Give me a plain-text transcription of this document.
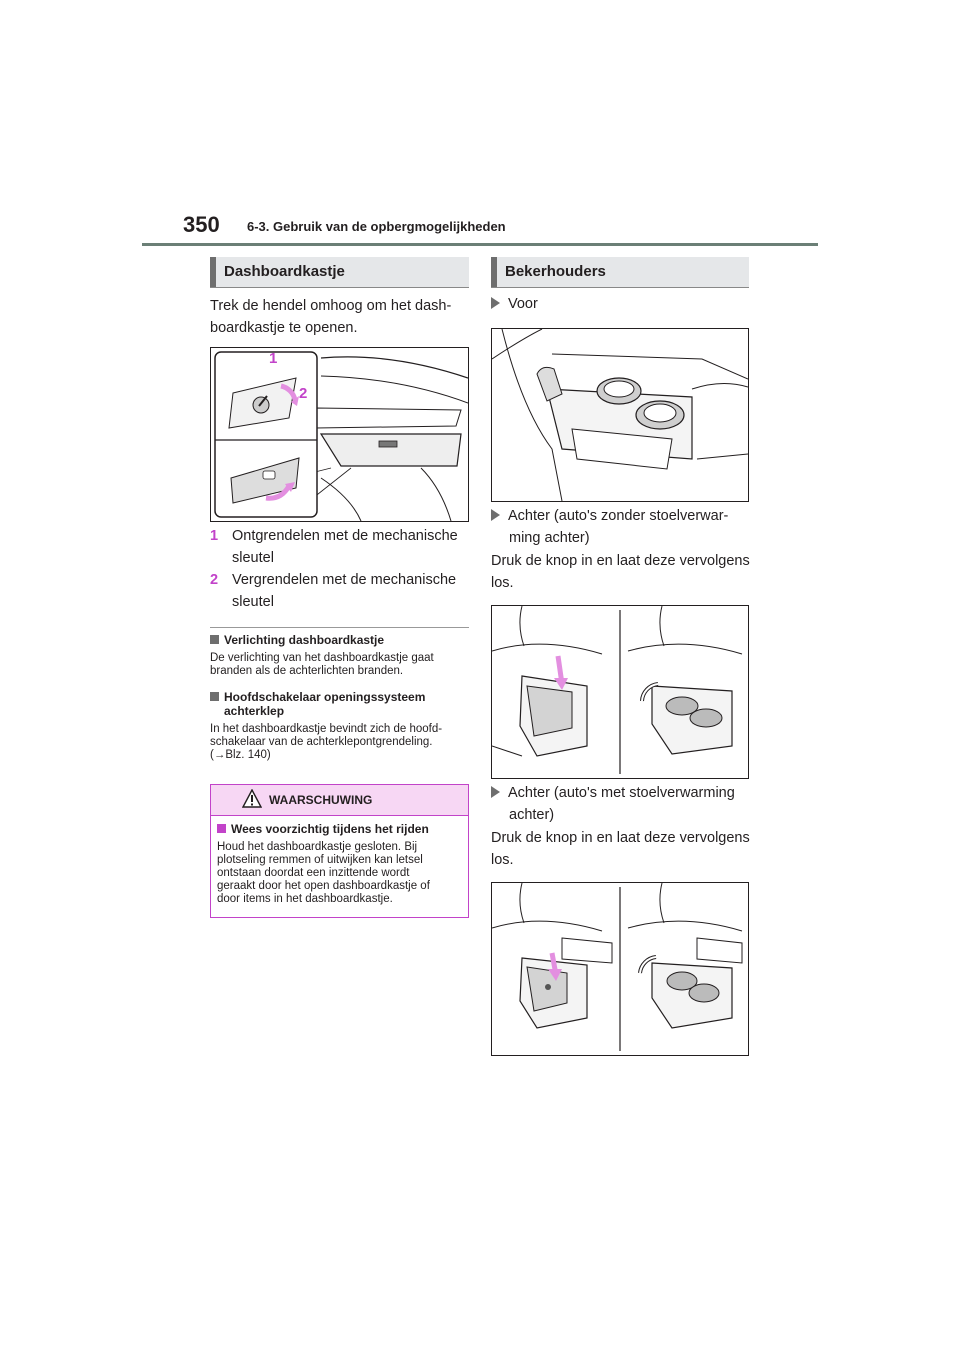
350 6-3. Gebruik van de opbergmogelijkheden
Dashboardkastje
Trek de hendel omhoog om het dash-
boardkastje te openen.
1
2
1 Ontgrendelen met de mechanische
sleutel
2 Vergrendelen met de mechanische
sleutel
Verlichting dashboardkastje
De verlichting van het dashboardkastje gaat
branden als de achterlichten branden.
Hoofdschakelaar openingssysteem
achterklep
In het dashboardkastje bevindt zich de hoofd-
schakelaar van de achterklepontgrendeling.
(→Blz. 140)
WAARSCHUWING
Wees voorzichtig tijdens het rijden
Houd het dashboardkastje gesloten. Bij
plotseling remmen of uitwijken kan letsel
ontstaan doordat een inzittende wordt
geraakt door het open dashboardkastje of
door items in het dashboardkastje.
Bekerhouders
Voor
Achter (auto's zonder stoelverwar-
ming achter)
Druk de knop in en laat deze vervolgens
los.
Achter (auto's met stoelverwarming
achter)
Druk de knop in en laat deze vervolgens
los.
